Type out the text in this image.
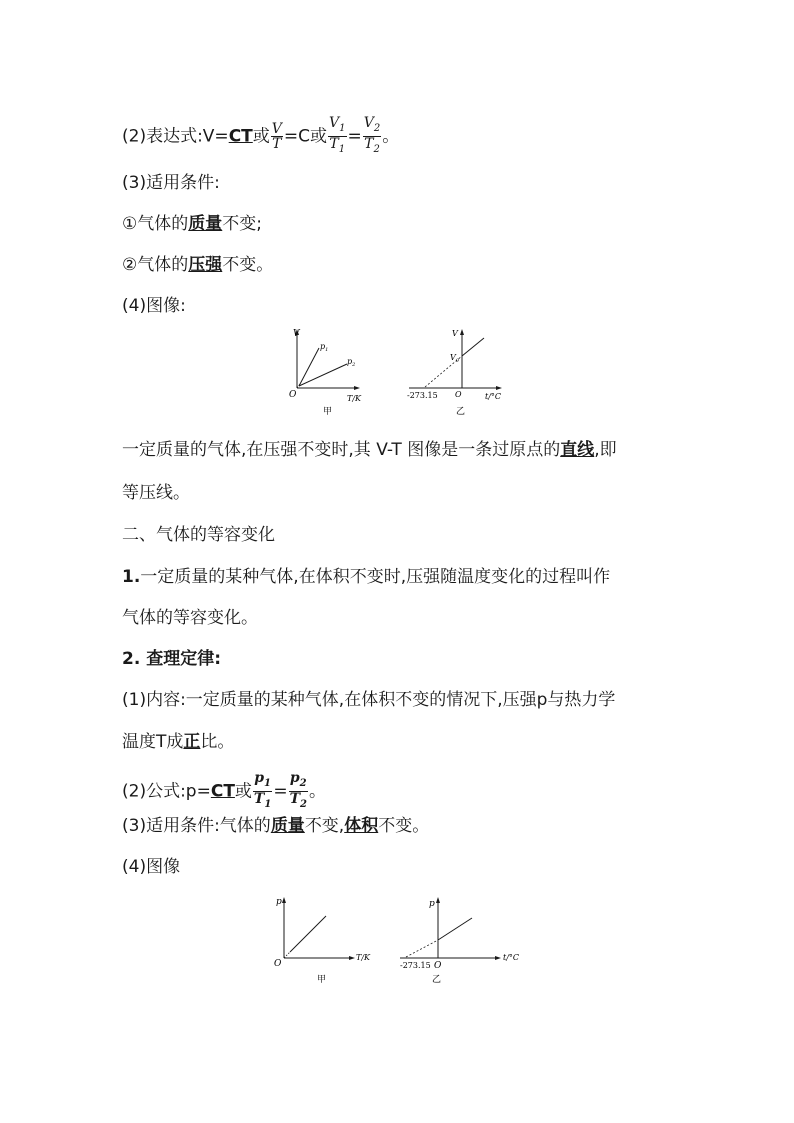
(2)表达式:V=CT或 $\frac{V}{T} =C$或 $\frac{V_1}{T_1} = \frac{V_2}{T_2}$ 。
(3)适用条件:
①气体的质量不变;
②气体的压强不变。
(4)图像:
V
O	T/K
$p_1$
$p_2$
甲
V
$V_0$
O
-273.15	t/°C
乙
一定质量的气体,在压强不变时,其 V-T 图像是一条过原点的直线,即
等压线。
二、气体的等容变化
1.一定质量的某种气体,在体积不变时,压强随温度变化的过程叫作
气体的等容变化。
2. 查理定律:
(1)内容:一定质量的某种气体,在体积不变的情况下,压强p与热力学
温度T成正比。
(2)公式:p=CT或 $\frac{p_1}{T_1} = \frac{p_2}{T_2}$ 。
(3)适用条件:气体的质量不变,体积不变。
(4)图像
p
O
T/K
甲
p
O
-273.15
t/°C
乙
